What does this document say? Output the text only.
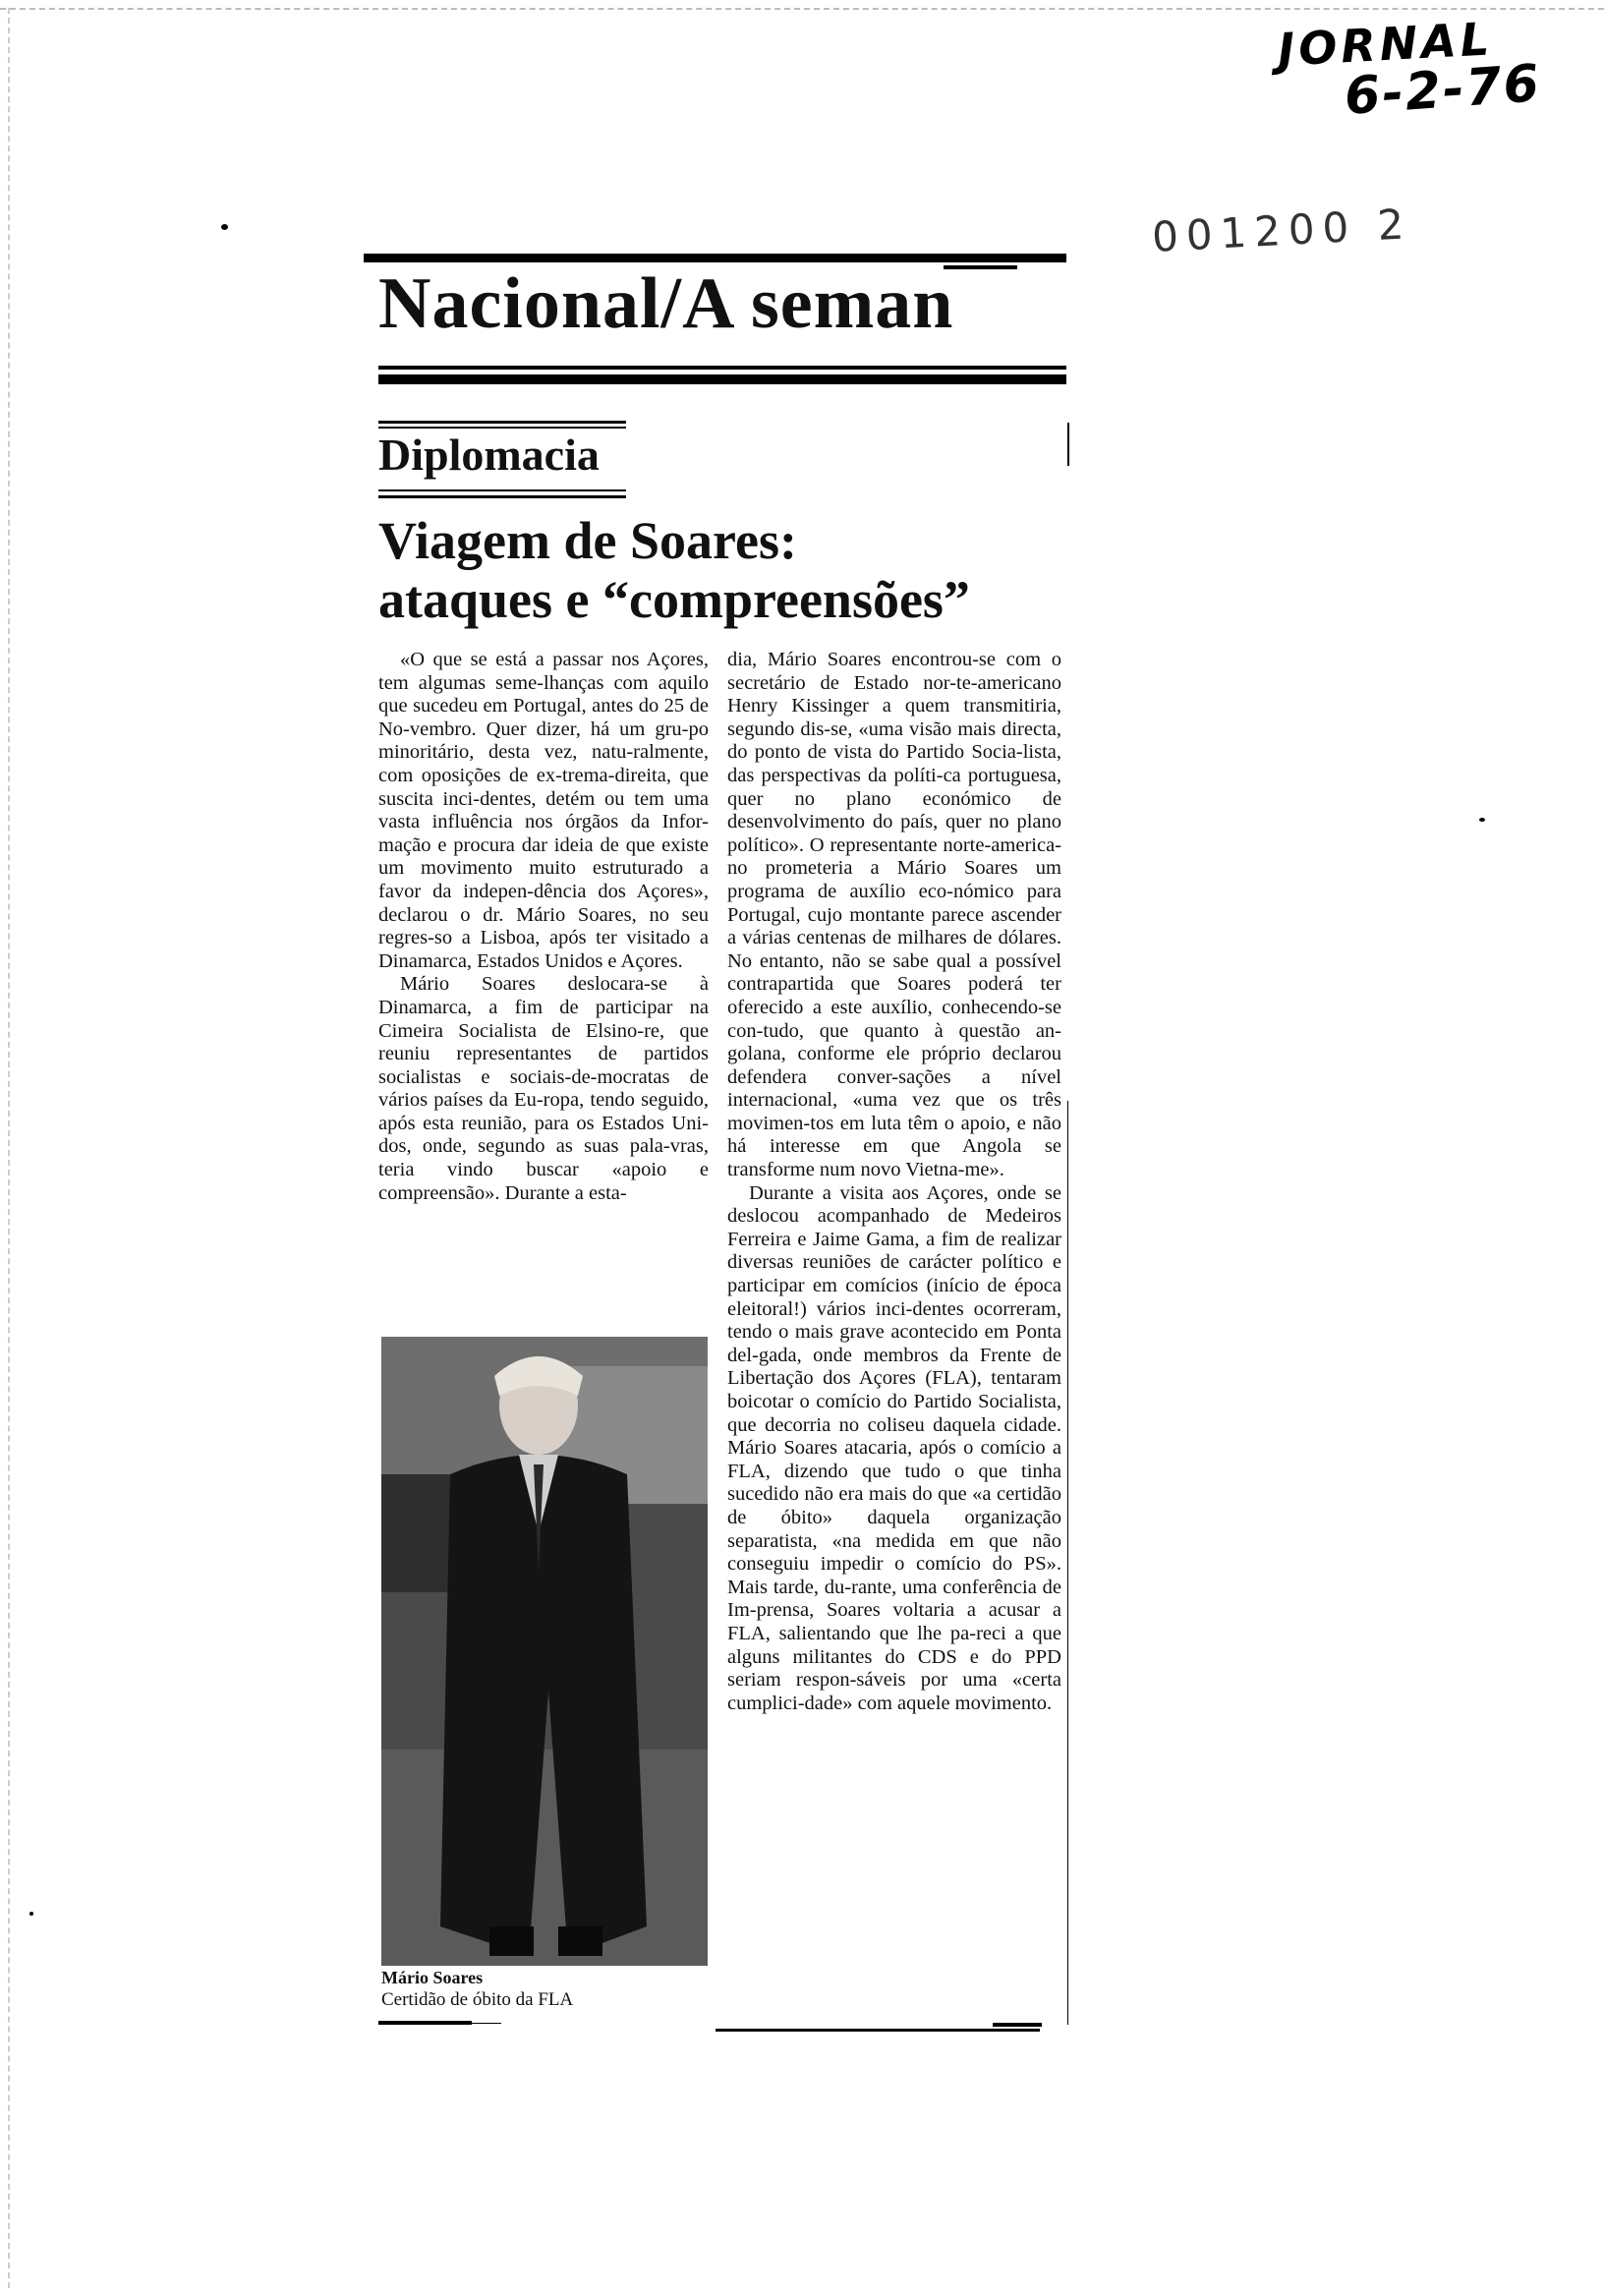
JORNAL
6-2-76
001200 2
Nacional/A seman
Diplomacia
Viagem de Soares:
ataques e “compreensões”

«O que se está a passar nos Açores, tem algumas seme-lhanças com aquilo que sucedeu em Portugal, antes do 25 de No-vembro. Quer dizer, há um gru-po minoritário, desta vez, natu-ralmente, com oposições de ex-trema-direita, que suscita inci-dentes, detém ou tem uma vasta influência nos órgãos da Infor-mação e procura dar ideia de que existe um movimento muito estruturado a favor da indepen-dência dos Açores», declarou o dr. Mário Soares, no seu regres-so a Lisboa, após ter visitado a Dinamarca, Estados Unidos e Açores.

Mário Soares deslocara-se à Dinamarca, a fim de participar na Cimeira Socialista de Elsino-re, que reuniu representantes de partidos socialistas e sociais-de-mocratas de vários países da Eu-ropa, tendo seguido, após esta reunião, para os Estados Uni-dos, onde, segundo as suas pala-vras, teria vindo buscar «apoio e compreensão». Durante a esta-

Mário Soares
Certidão de óbito da FLA

dia, Mário Soares encontrou-se com o secretário de Estado nor-te-americano Henry Kissinger a quem transmitiria, segundo dis-se, «uma visão mais directa, do ponto de vista do Partido Socia-lista, das perspectivas da políti-ca portuguesa, quer no plano económico de desenvolvimento do país, quer no plano político». O representante norte-america-no prometeria a Mário Soares um programa de auxílio eco-nómico para Portugal, cujo montante parece ascender a várias centenas de milhares de dólares. No entanto, não se sabe qual a possível contrapartida que Soares poderá ter oferecido a este auxílio, conhecendo-se con-tudo, que quanto à questão an-golana, conforme ele próprio declarou defendera conver-sações a nível internacional, «uma vez que os três movimen-tos em luta têm o apoio, e não há interesse em que Angola se transforme num novo Vietna-me».

Durante a visita aos Açores, onde se deslocou acompanhado de Medeiros Ferreira e Jaime Gama, a fim de realizar diversas reuniões de carácter político e participar em comícios (início de época eleitoral!) vários inci-dentes ocorreram, tendo o mais grave acontecido em Ponta del-gada, onde membros da Frente de Libertação dos Açores (FLA), tentaram boicotar o comício do Partido Socialista, que decorria no coliseu daquela cidade. Mário Soares atacaria, após o comício a FLA, dizendo que tudo o que tinha sucedido não era mais do que «a certidão de óbito» daquela organização separatista, «na medida em que não conseguiu impedir o comício do PS». Mais tarde, du-rante, uma conferência de Im-prensa, Soares voltaria a acusar a FLA, salientando que lhe pa-reci a que alguns militantes do CDS e do PPD seriam respon-sáveis por uma «certa cumplici-dade» com aquele movimento.
